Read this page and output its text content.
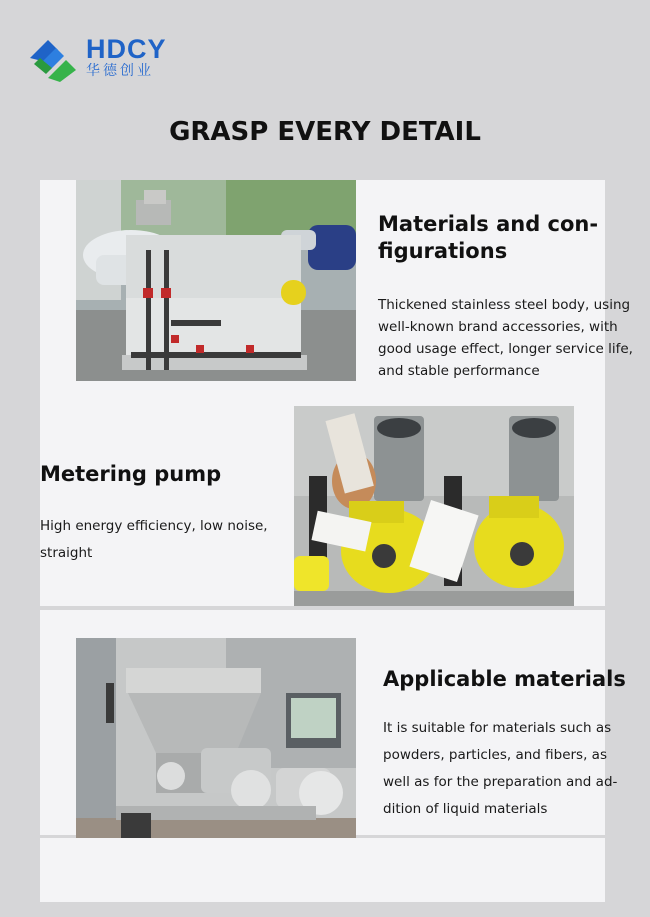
HDCY
华德创业
GRASP EVERY DETAIL
Materials and con-
figurations
Thickened stainless steel body, using
well-known brand accessories, with
good usage effect, longer service life,
and stable performance
Metering pump
High energy efficiency, low noise,
straight
Applicable materials
It is suitable for materials such as
powders, particles, and fibers, as
well as for the preparation and ad-
dition of liquid materials
